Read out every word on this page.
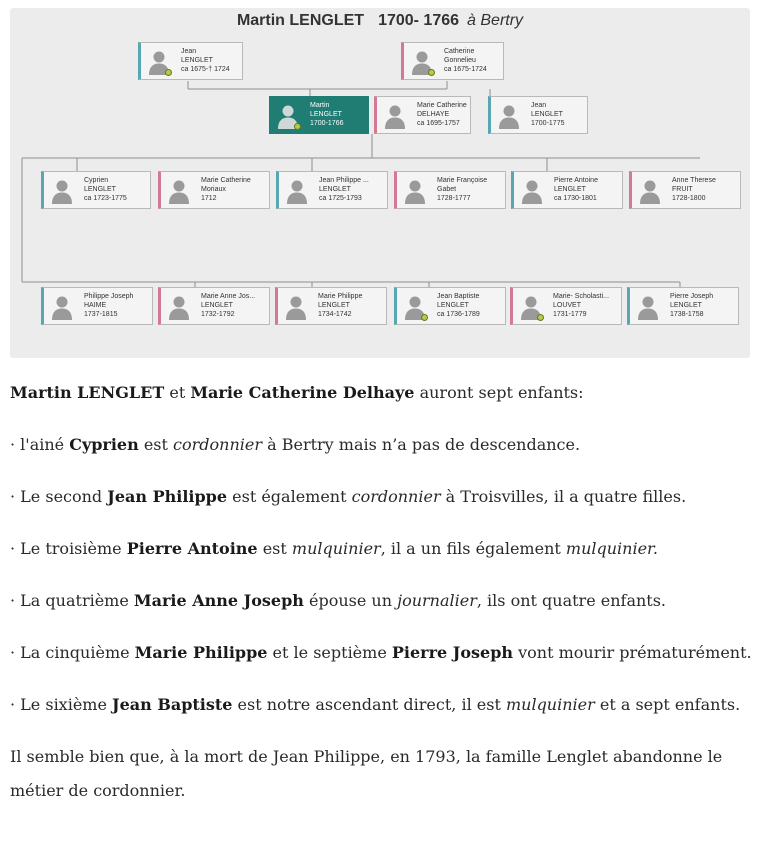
Martin LENGLET 1700- 1766 à Bertry
Jean
LENGLET
ca 1675-† 1724
Catherine
Gonnelieu
ca 1675-1724
Martin
LENGLET
1700-1766
Marie Catherine
DELHAYE
ca 1695-1757
Jean
LENGLET
1700-1775
Cyprien
LENGLET
ca 1723-1775
Marie Catherine
Moriaux
1712
Jean Philippe ...
LENGLET
ca 1725-1793
Marie Françoise
Gabet
1728-1777
Pierre Antoine
LENGLET
ca 1730-1801
Anne Therese
FRUIT
1728-1800
Philippe Joseph
HAIME
1737-1815
Marie Anne Jos...
LENGLET
1732-1792
Marie Philippe
LENGLET
1734-1742
Jean Baptiste
LENGLET
ca 1736-1789
Marie- Scholasti...
LOUVET
1731-1779
Pierre Joseph
LENGLET
1738-1758

Martin LENGLET et Marie Catherine Delhaye auront sept enfants:

· l'ainé Cyprien est cordonnier à Bertry mais n’a pas de descendance.

· Le second Jean Philippe est également cordonnier à Troisvilles, il a quatre filles.

· Le troisième Pierre Antoine est mulquinier, il a un fils également mulquinier.

· La quatrième Marie Anne Joseph épouse un journalier, ils ont quatre enfants.

· La cinquième Marie Philippe et le septième Pierre Joseph vont mourir prématurément.

· Le sixième Jean Baptiste est notre ascendant direct, il est mulquinier et a sept enfants.

Il semble bien que, à la mort de Jean Philippe, en 1793, la famille Lenglet abandonne le métier de cordonnier.
